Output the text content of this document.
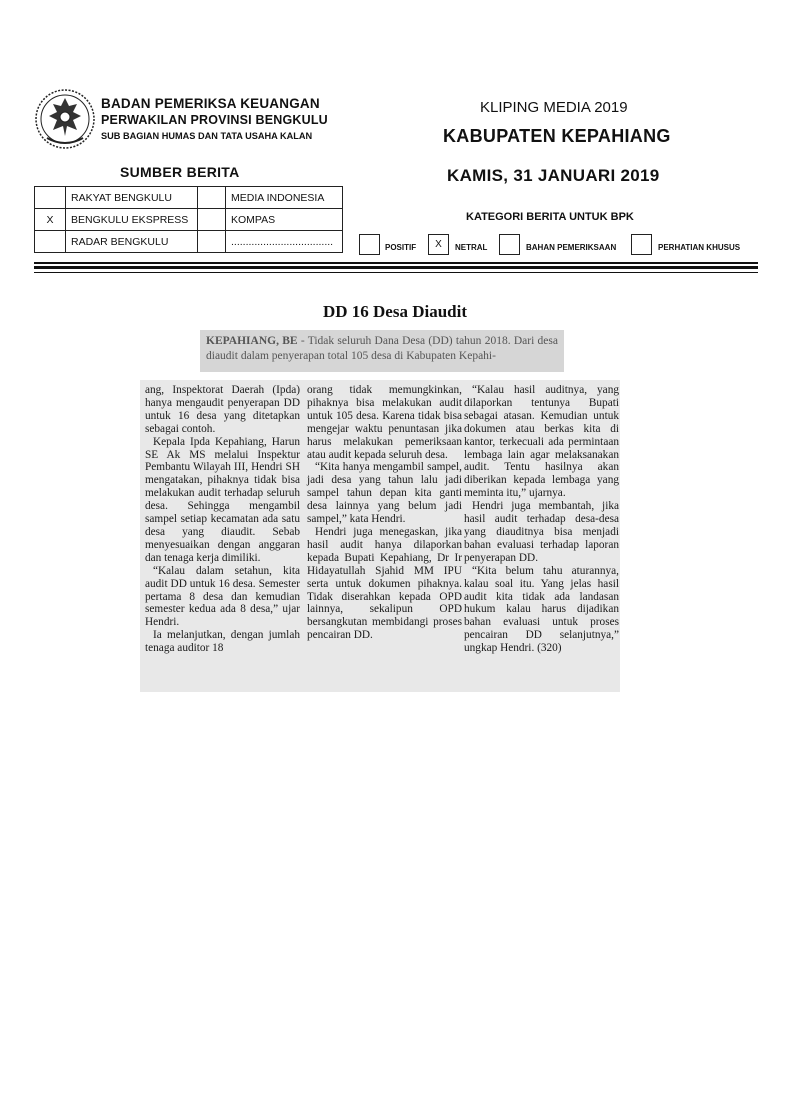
BADAN PEMERIKSA KEUANGAN
PERWAKILAN PROVINSI BENGKULU
SUB BAGIAN HUMAS DAN TATA USAHA KALAN
SUMBER BERITA
	RAKYAT BENGKULU		MEDIA INDONESIA
X	BENGKULU EKSPRESS		KOMPAS
	RADAR BENGKULU		...................................
KLIPING MEDIA 2019
KABUPATEN KEPAHIANG
KAMIS, 31 JANUARI 2019
KATEGORI BERITA UNTUK BPK
POSITIF	X	NETRAL	BAHAN PEMERIKSAAN	PERHATIAN KHUSUS
DD 16 Desa Diaudit
KEPAHIANG, BE - Tidak seluruh Dana Desa (DD) tahun 2018. Dari desa diaudit dalam penyerapan total 105 desa di Kabupaten Kepahi-

ang, Inspektorat Daerah (Ipda) hanya mengaudit penyerapan DD untuk 16 desa yang ditetapkan sebagai contoh.

Kepala Ipda Kepahiang, Harun SE Ak MS melalui Inspektur Pembantu Wilayah III, Hendri SH mengatakan, pihaknya tidak bisa melakukan audit terhadap seluruh desa. Sehingga mengambil sampel setiap kecamatan ada satu desa yang diaudit. Sebab menyesuaikan dengan anggaran dan tenaga kerja dimiliki.

“Kalau dalam setahun, kita audit DD untuk 16 desa. Semester pertama 8 desa dan kemudian semester kedua ada 8 desa,” ujar Hendri.

Ia melanjutkan, dengan jumlah tenaga auditor 18

orang tidak memungkinkan, pihaknya bisa melakukan audit untuk 105 desa. Karena tidak bisa mengejar waktu penuntasan jika harus melakukan pemeriksaan atau audit kepada seluruh desa.

“Kita hanya mengambil sampel, jadi desa yang tahun lalu jadi sampel tahun depan kita ganti desa lainnya yang belum jadi sampel,” kata Hendri.

Hendri juga menegaskan, jika hasil audit hanya dilaporkan kepada Bupati Kepahiang, Dr Ir Hidayatullah Sjahid MM IPU serta untuk dokumen pihaknya. Tidak diserahkan kepada OPD lainnya, sekalipun OPD bersangkutan membidangi proses pencairan DD.

“Kalau hasil auditnya, yang dilaporkan tentunya Bupati sebagai atasan. Kemudian untuk dokumen atau berkas kita di kantor, terkecuali ada permintaan lembaga lain agar melaksanakan audit. Tentu hasilnya akan diberikan kepada lembaga yang meminta itu,” ujarnya.

Hendri juga membantah, jika hasil audit terhadap desa-desa yang diauditnya bisa menjadi bahan evaluasi terhadap laporan penyerapan DD.

“Kita belum tahu aturannya, kalau soal itu. Yang jelas hasil audit kita tidak ada landasan hukum kalau harus dijadikan bahan evaluasi untuk proses pencairan DD selanjutnya,” ungkap Hendri. (320)
